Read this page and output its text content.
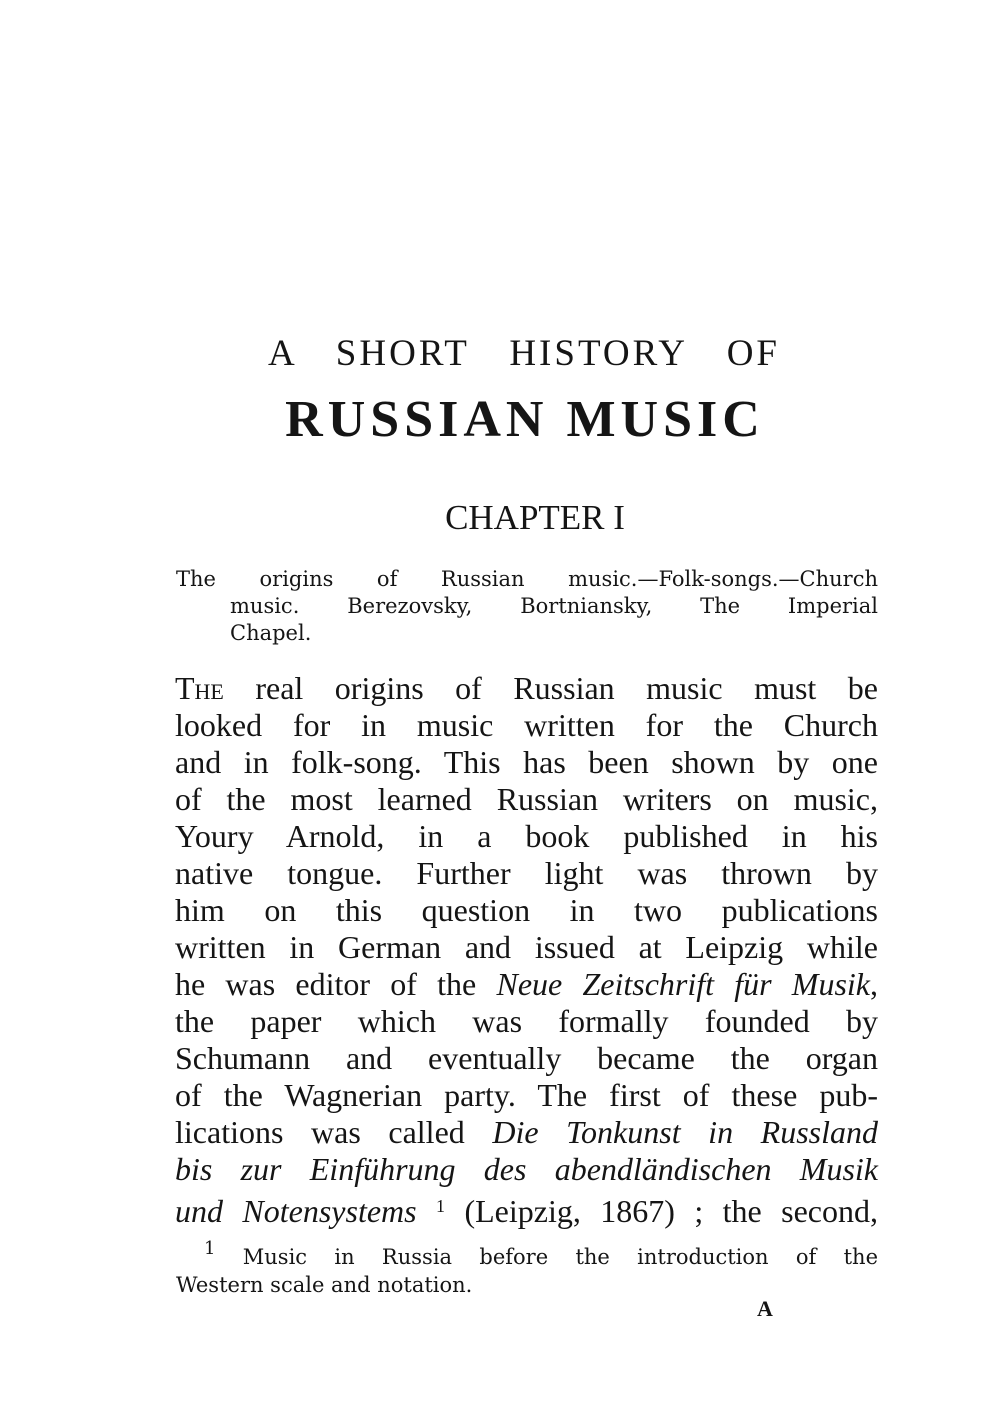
A SHORT HISTORY OF
RUSSIAN MUSIC
CHAPTER I
The origins of Russian music.—Folk-songs.—Church
music. Berezovsky, Bortniansky, The Imperial
Chapel.
The real origins of Russian music must be
looked for in music written for the Church
and in folk-song. This has been shown by one
of the most learned Russian writers on music,
Youry Arnold, in a book published in his
native tongue. Further light was thrown by
him on this question in two publications
written in German and issued at Leipzig while
he was editor of the Neue Zeitschrift für Musik,
the paper which was formally founded by
Schumann and eventually became the organ
of the Wagnerian party. The first of these pub-
lications was called Die Tonkunst in Russland
bis zur Einführung des abendländischen Musik
und Notensystems $^1$ (Leipzig, 1867) ; the second,
$^1$ Music in Russia before the introduction of the
Western scale and notation.
A
